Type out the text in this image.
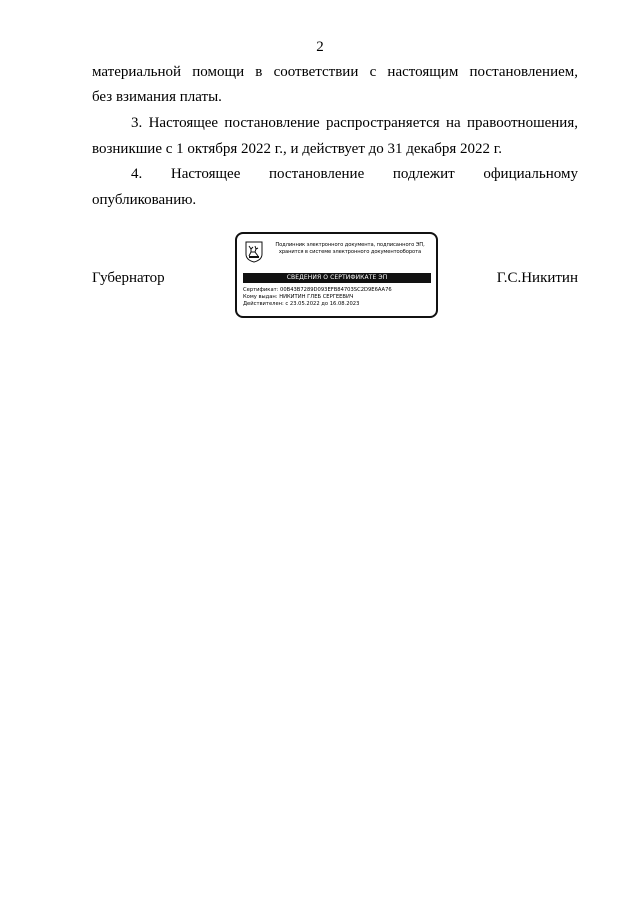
2
материальной помощи в соответствии с настоящим постановлением,
без взимания платы.
3. Настоящее постановление распространяется на правоотношения,
возникшие с 1 октября 2022 г., и действует до 31 декабря 2022 г.
4. Настоящее постановление подлежит официальному
опубликованию.
Губернатор
Подлинник электронного документа, подписанного ЭП,
хранится в системе электронного документооборота
СВЕДЕНИЯ О СЕРТИФИКАТЕ ЭП
Сертификат: 00B43B7289D093EFB84703SC2D9E6AA76
Кому выдан: НИКИТИН ГЛЕБ СЕРГЕЕВИЧ
Действителен: с 23.05.2022 до 16.08.2023
Г.С.Никитин
